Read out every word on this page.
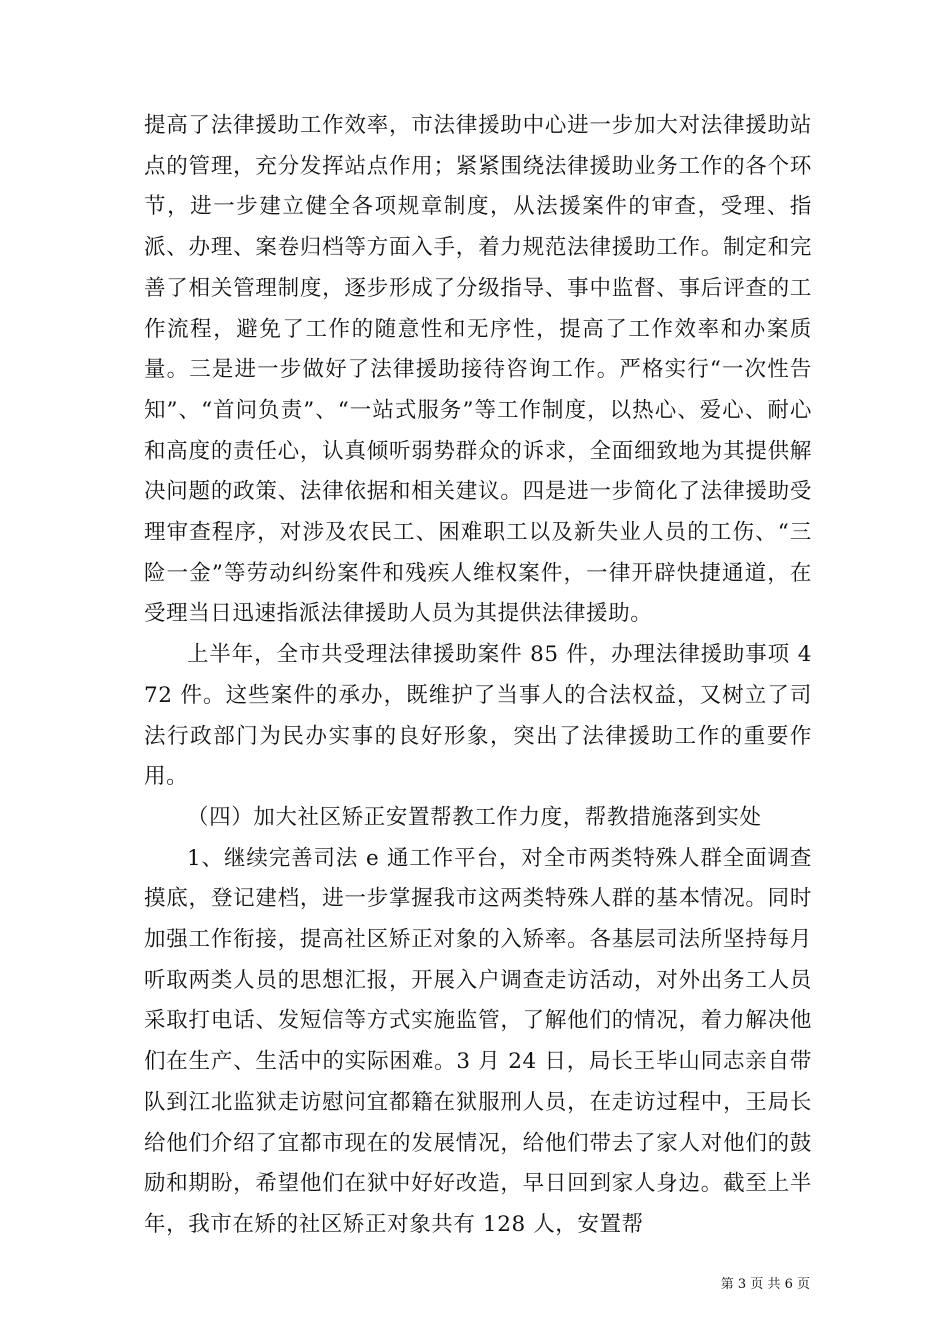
提高了法律援助工作效率，市法律援助中心进一步加大对法律援助站点的管理，充分发挥站点作用；紧紧围绕法律援助业务工作的各个环节，进一步建立健全各项规章制度，从法援案件的审查，受理、指派、办理、案卷归档等方面入手，着力规范法律援助工作。制定和完善了相关管理制度，逐步形成了分级指导、事中监督、事后评查的工作流程，避免了工作的随意性和无序性，提高了工作效率和办案质量。三是进一步做好了法律援助接待咨询工作。严格实行“一次性告知”、“首问负责”、“一站式服务”等工作制度，以热心、爱心、耐心和高度的责任心，认真倾听弱势群众的诉求，全面细致地为其提供解决问题的政策、法律依据和相关建议。四是进一步简化了法律援助受理审查程序，对涉及农民工、困难职工以及新失业人员的工伤、“三险一金”等劳动纠纷案件和残疾人维权案件，一律开辟快捷通道，在受理当日迅速指派法律援助人员为其提供法律援助。

上半年，全市共受理法律援助案件 85 件，办理法律援助事项 472 件。这些案件的承办，既维护了当事人的合法权益，又树立了司法行政部门为民办实事的良好形象，突出了法律援助工作的重要作用。

（四）加大社区矫正安置帮教工作力度，帮教措施落到实处

1、继续完善司法 e 通工作平台，对全市两类特殊人群全面调查摸底，登记建档，进一步掌握我市这两类特殊人群的基本情况。同时加强工作衔接，提高社区矫正对象的入矫率。各基层司法所坚持每月听取两类人员的思想汇报，开展入户调查走访活动，对外出务工人员采取打电话、发短信等方式实施监管，了解他们的情况，着力解决他们在生产、生活中的实际困难。3 月 24 日，局长王毕山同志亲自带队到江北监狱走访慰问宜都籍在狱服刑人员，在走访过程中，王局长给他们介绍了宜都市现在的发展情况，给他们带去了家人对他们的鼓励和期盼，希望他们在狱中好好改造，早日回到家人身边。截至上半年，我市在矫的社区矫正对象共有 128 人，安置帮

第 3 页 共 6 页
